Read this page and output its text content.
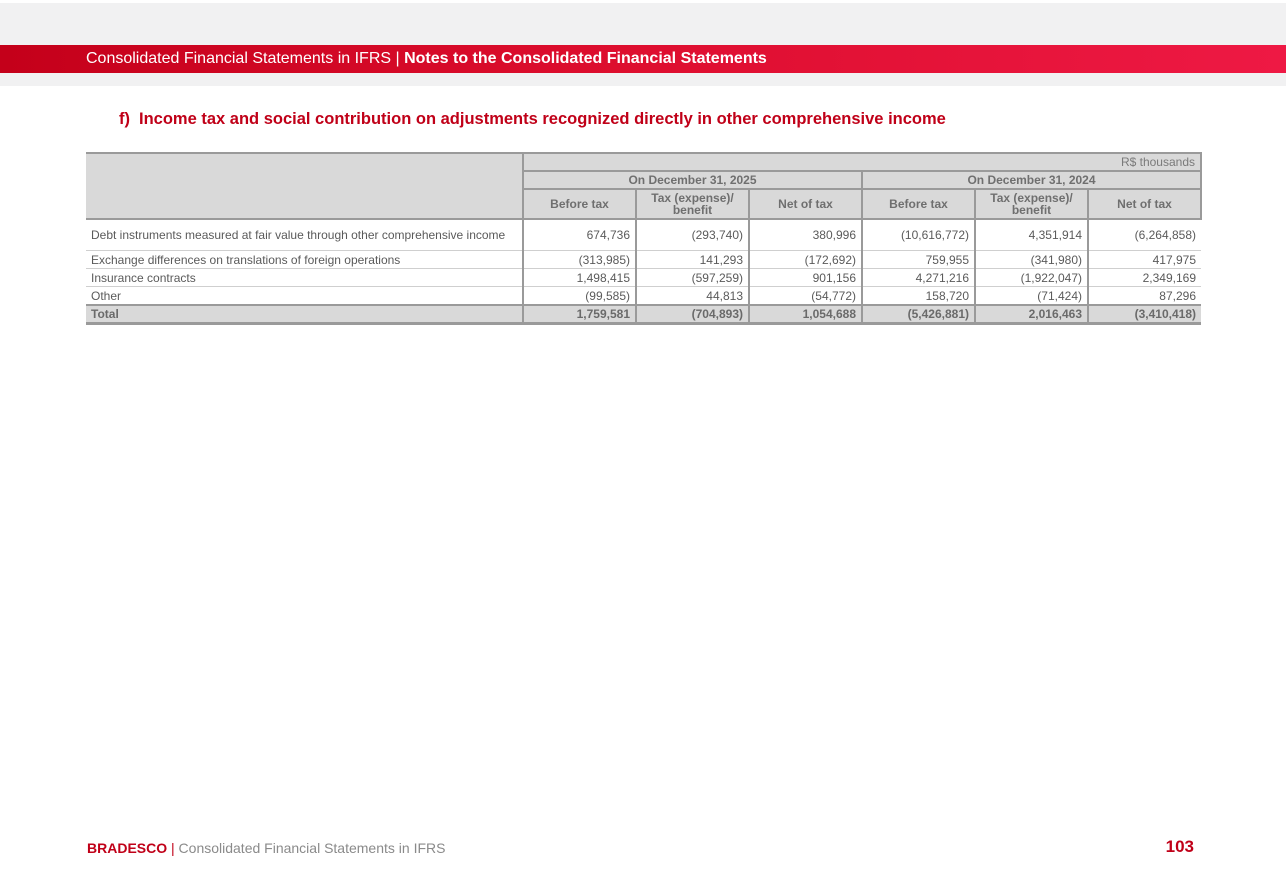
Consolidated Financial Statements in IFRS | Notes to the Consolidated Financial Statements
f) Income tax and social contribution on adjustments recognized directly in other comprehensive income
	R$ thousands					
	On December 31, 2025			On December 31, 2024		
	Before tax	Tax (expense)/ benefit	Net of tax	Before tax	Tax (expense)/ benefit	Net of tax
Debt instruments measured at fair value through other comprehensive income	674,736	(293,740)	380,996	(10,616,772)	4,351,914	(6,264,858)
Exchange differences on translations of foreign operations	(313,985)	141,293	(172,692)	759,955	(341,980)	417,975
Insurance contracts	1,498,415	(597,259)	901,156	4,271,216	(1,922,047)	2,349,169
Other	(99,585)	44,813	(54,772)	158,720	(71,424)	87,296
Total	1,759,581	(704,893)	1,054,688	(5,426,881)	2,016,463	(3,410,418)
BRADESCO | Consolidated Financial Statements in IFRS	103
